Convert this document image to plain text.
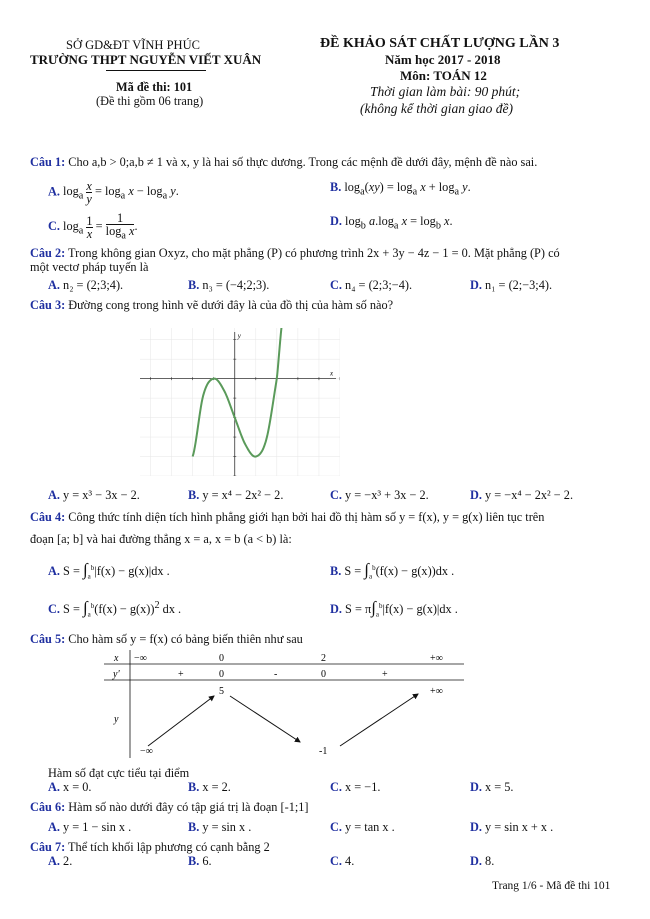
SỞ GD&ĐT VĨNH PHÚC
TRƯỜNG THPT NGUYỄN VIẾT XUÂN
Mã đề thi: 101
(Đề thi gồm 06 trang)
ĐỀ KHẢO SÁT CHẤT LƯỢNG LẦN 3
Năm học 2017 - 2018
Môn: TOÁN 12
Thời gian làm bài: 90 phút;
(không kể thời gian giao đề)
Câu 1: Cho a,b > 0;a,b ≠ 1 và x, y là hai số thực dương. Trong các mệnh đề dưới đây, mệnh đề nào sai.
A. $\log_a \frac{x}{y} = \log_a x - \log_a y$.	B. $\log_a(xy) = \log_a x + \log_a y$.
C. $\log_a \frac{1}{x} = \frac{1}{\log_a x}$ .	D. $\log_b a.\log_a$ $x = \log_b x$.
Câu 2: Trong không gian Oxyz, cho mặt phẳng (P) có phương trình 2x + 3y − 4z − 1 = 0. Mặt phẳng (P) có
một vectơ pháp tuyến là
A. n₂ = (2;3;4).	B. n₃ = (−4;2;3).	C. n₄ = (2;3;−4).	D. n₁ = (2;−3;4).
Câu 3: Đường cong trong hình vẽ dưới đây là của đồ thị của hàm số nào?
x
y
A. y = x³ − 3x − 2.	B. y = x⁴ − 2x² − 2.	C. y = −x³ + 3x − 2.	D. y = −x⁴ − 2x² − 2.
Câu 4: Công thức tính diện tích hình phẳng giới hạn bởi hai đồ thị hàm số y = f(x), y = g(x) liên tục trên
đoạn [a; b] và hai đường thẳng x = a, x = b (a < b) là:
A. $S = \int_a^b|f(x) - g(x)|dx$ .	B. $S = \int_a^b(f(x) - g(x))dx$ .
C. $S = \int_a^b(f(x) - g(x))^2$ dx .	D. $S = \pi\int_a^b|f(x) - g(x)|dx$ .
Câu 5: Cho hàm số y = f(x) có bảng biến thiên như sau
x
y'
y
−∞	0	2	+∞
+	0	-	0	+
−∞
5
-1
+∞
Hàm số đạt cực tiểu tại điểm
A. x = 0.	B. x = 2.	C. x = −1.	D. x = 5.
Câu 6: Hàm số nào dưới đây có tập giá trị là đoạn [-1;1]
A. y = 1 − sin x .	B. y = sin x .	C. y = tan x .	D. y = sin x + x .
Câu 7: Thể tích khối lập phương có cạnh bằng 2
A. 2.	B. 6.	C. 4.	D. 8.
Trang 1/6 - Mã đề thi 101
